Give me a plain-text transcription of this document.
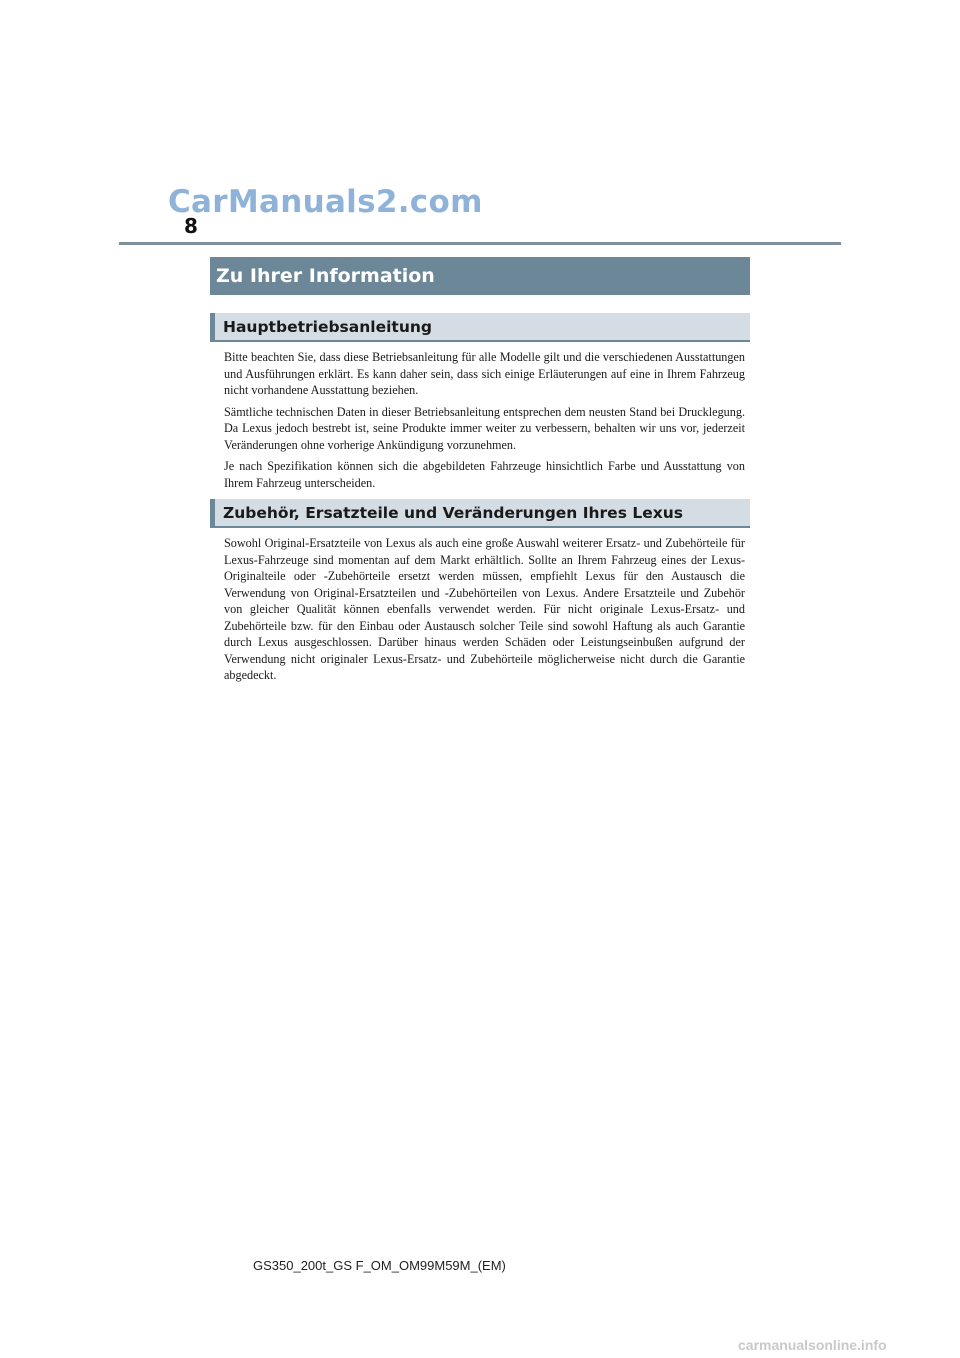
CarManuals2.com
8
Zu Ihrer Information
Hauptbetriebsanleitung

Bitte beachten Sie, dass diese Betriebsanleitung für alle Modelle gilt und die verschiedenen Ausstattungen und Ausführungen erklärt. Es kann daher sein, dass sich einige Erläuterungen auf eine in Ihrem Fahrzeug nicht vorhandene Ausstattung beziehen.

Sämtliche technischen Daten in dieser Betriebsanleitung entsprechen dem neusten Stand bei Drucklegung. Da Lexus jedoch bestrebt ist, seine Produkte immer weiter zu verbessern, behalten wir uns vor, jederzeit Veränderungen ohne vorherige Ankündigung vorzunehmen.

Je nach Spezifikation können sich die abgebildeten Fahrzeuge hinsichtlich Farbe und Ausstattung von Ihrem Fahrzeug unterscheiden.

Zubehör, Ersatzteile und Veränderungen Ihres Lexus

Sowohl Original-Ersatzteile von Lexus als auch eine große Auswahl weiterer Ersatz- und Zubehörteile für Lexus-Fahrzeuge sind momentan auf dem Markt erhältlich. Sollte an Ihrem Fahrzeug eines der Lexus-Originalteile oder -Zubehörteile ersetzt werden müssen, empfiehlt Lexus für den Austausch die Verwendung von Original-Ersatzteilen und -Zubehörteilen von Lexus. Andere Ersatzteile und Zubehör von gleicher Qualität können ebenfalls verwendet werden. Für nicht originale Lexus-Ersatz- und Zubehörteile bzw. für den Einbau oder Austausch solcher Teile sind sowohl Haftung als auch Garantie durch Lexus ausgeschlossen. Darüber hinaus werden Schäden oder Leistungseinbußen aufgrund der Verwendung nicht originaler Lexus-Ersatz- und Zubehörteile möglicherweise nicht durch die Garantie abgedeckt.

GS350_200t_GS F_OM_OM99M59M_(EM)
carmanualsonline.info
